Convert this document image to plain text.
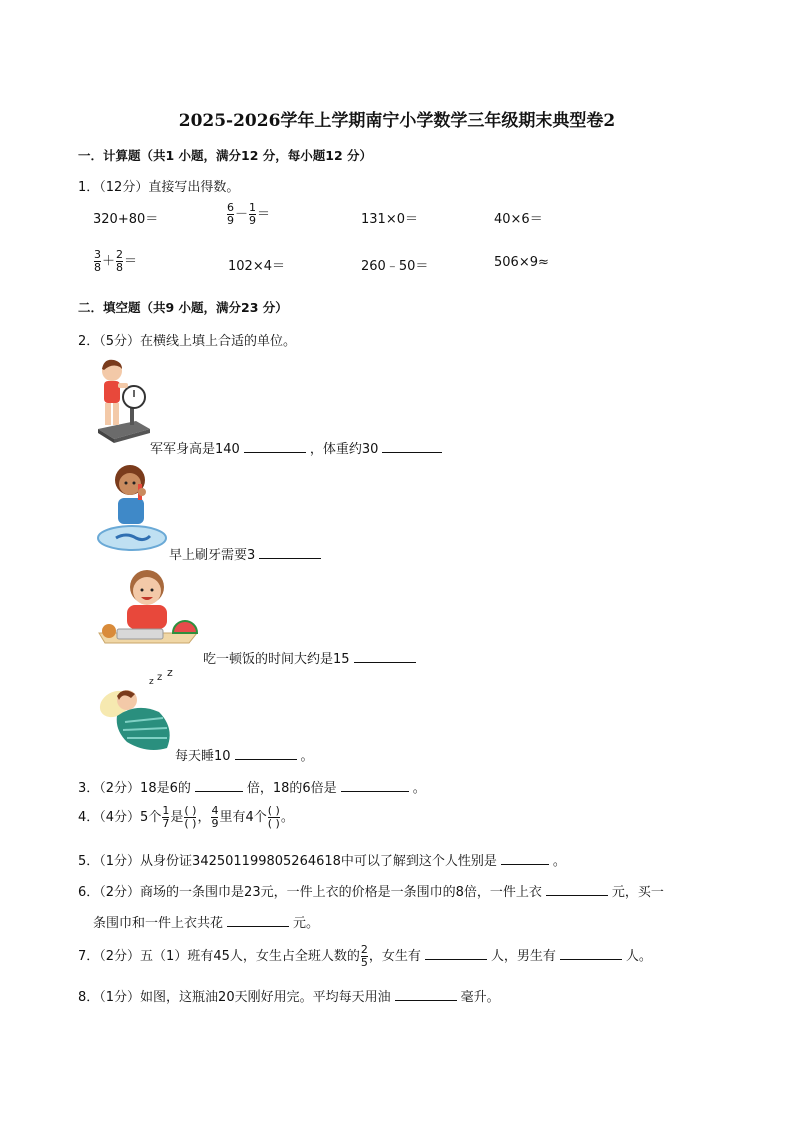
2025-2026学年上学期南宁小学数学三年级期末典型卷2
一．计算题（共1 小题，满分12 分，每小题12 分）
1．（12分）直接写出得数。
320+80＝	$\frac{6}{9} - \frac{1}{9}$ ＝	131×0＝	40×6＝
$\frac{3}{8} + \frac{2}{8}$ ＝	102×4＝	260﹣50＝	506×9≈
二．填空题（共9 小题，满分23 分）
2．（5分）在横线上填上合适的单位。
军军身高是140	，体重约30
早上刷牙需要3
吃一顿饭的时间大约是15
z z z
每天睡10	。
3．（2分）18是6的	倍，18的6倍是	。
4．（4分）5个 $\frac{1}{7}$ 是 $\frac{( )}{( )}$ ， $\frac{4}{9}$ 里有4个 $\frac{( )}{( )}$ 。
5．（1分）从身份证342501199805264618中可以了解到这个人性别是	。
6．（2分）商场的一条围巾是23元，一件上衣的价格是一条围巾的8倍，一件上衣	元，买一
条围巾和一件上衣共花	元。
7．（2分）五（1）班有45人，女生占全班人数的 $\frac{2}{5}$ ，女生有	人，男生有	人。
8．（1分）如图，这瓶油20天刚好用完。平均每天用油	毫升。
